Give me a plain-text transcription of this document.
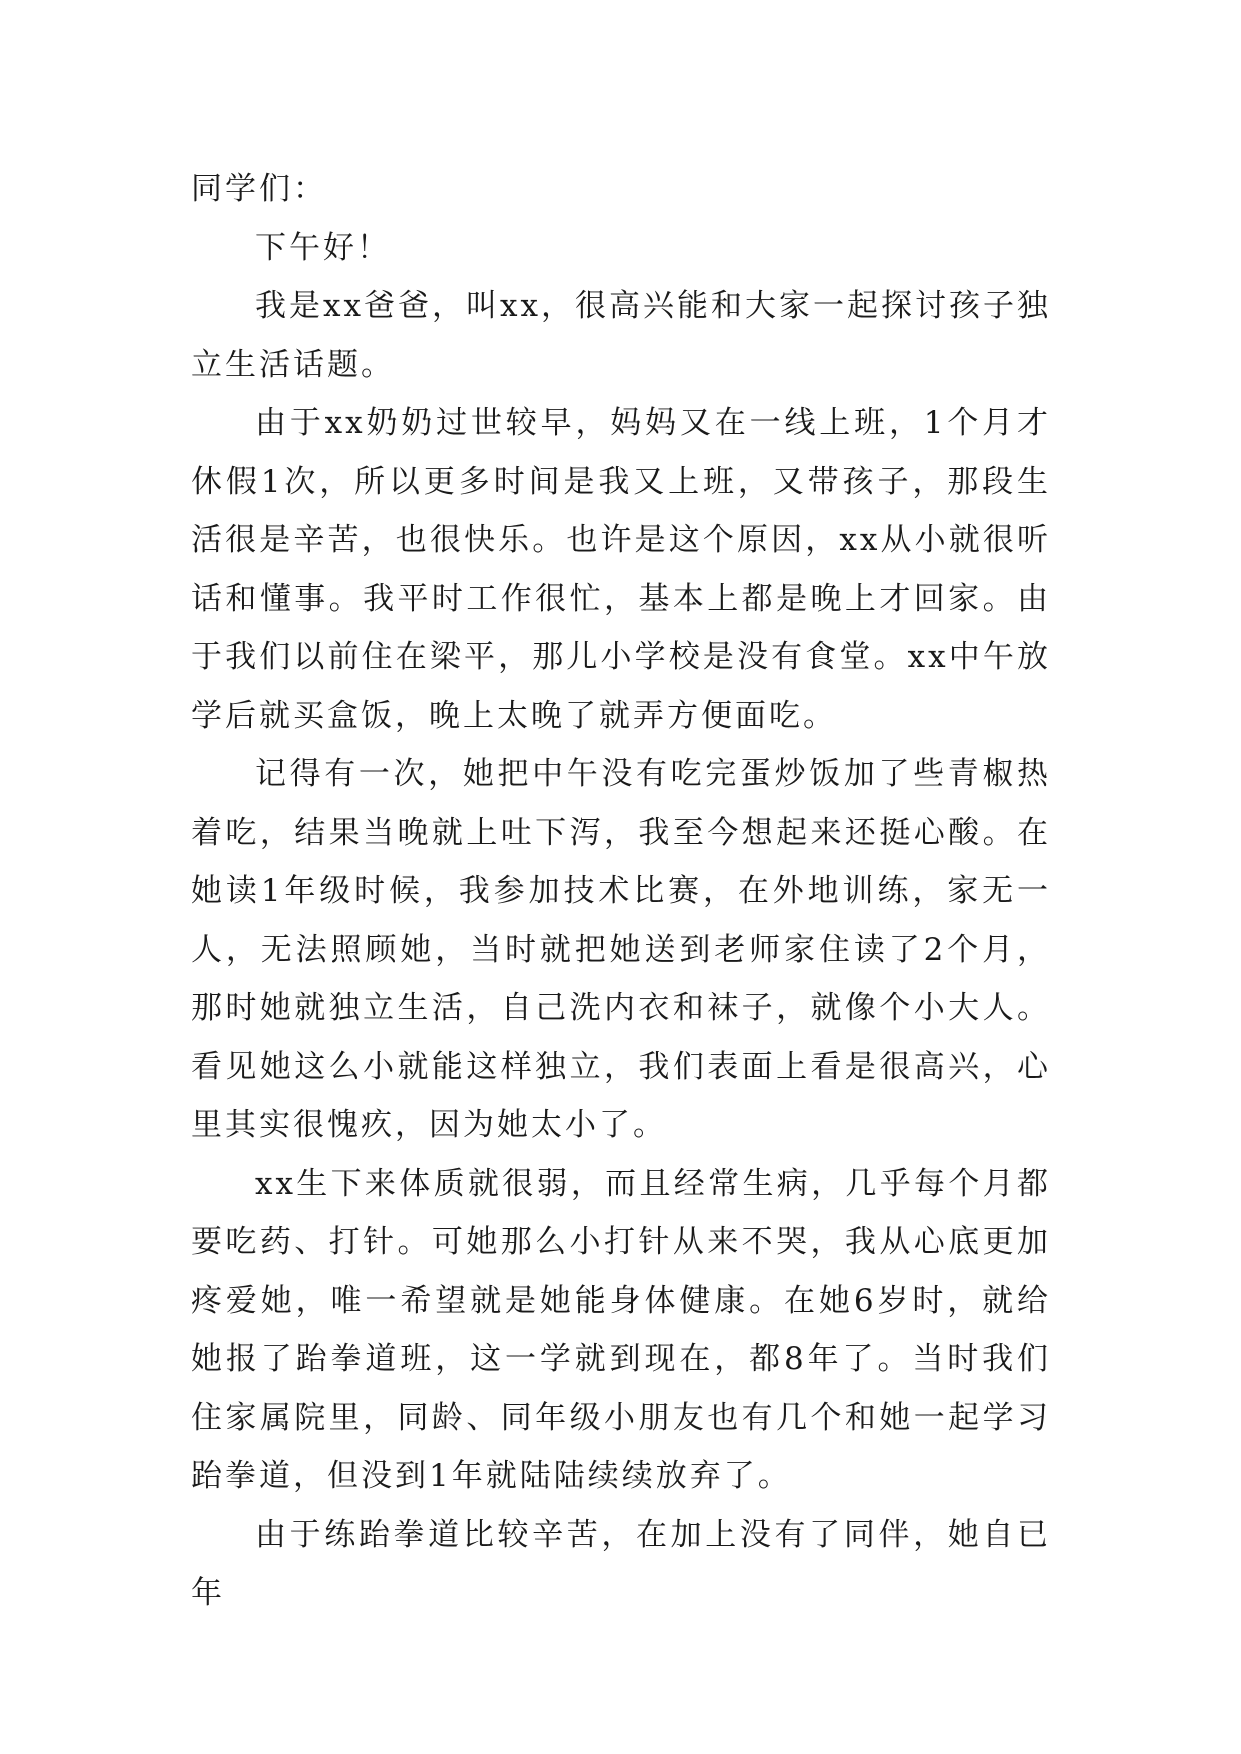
同学们：

下午好！

我是xx爸爸，叫xx，很高兴能和大家一起探讨孩子独立生活话题。

由于xx奶奶过世较早，妈妈又在一线上班，1个月才休假1次，所以更多时间是我又上班，又带孩子，那段生活很是辛苦，也很快乐。也许是这个原因，xx从小就很听话和懂事。我平时工作很忙，基本上都是晚上才回家。由于我们以前住在梁平，那儿小学校是没有食堂。xx中午放学后就买盒饭，晚上太晚了就弄方便面吃。

记得有一次，她把中午没有吃完蛋炒饭加了些青椒热着吃，结果当晚就上吐下泻，我至今想起来还挺心酸。在她读1年级时候，我参加技术比赛，在外地训练，家无一人，无法照顾她，当时就把她送到老师家住读了2个月，那时她就独立生活，自己洗内衣和袜子，就像个小大人。看见她这么小就能这样独立，我们表面上看是很高兴，心里其实很愧疚，因为她太小了。

xx生下来体质就很弱，而且经常生病，几乎每个月都要吃药、打针。可她那么小打针从来不哭，我从心底更加疼爱她，唯一希望就是她能身体健康。在她6岁时，就给她报了跆拳道班，这一学就到现在，都8年了。当时我们住家属院里，同龄、同年级小朋友也有几个和她一起学习跆拳道，但没到1年就陆陆续续放弃了。

由于练跆拳道比较辛苦，在加上没有了同伴，她自已年
